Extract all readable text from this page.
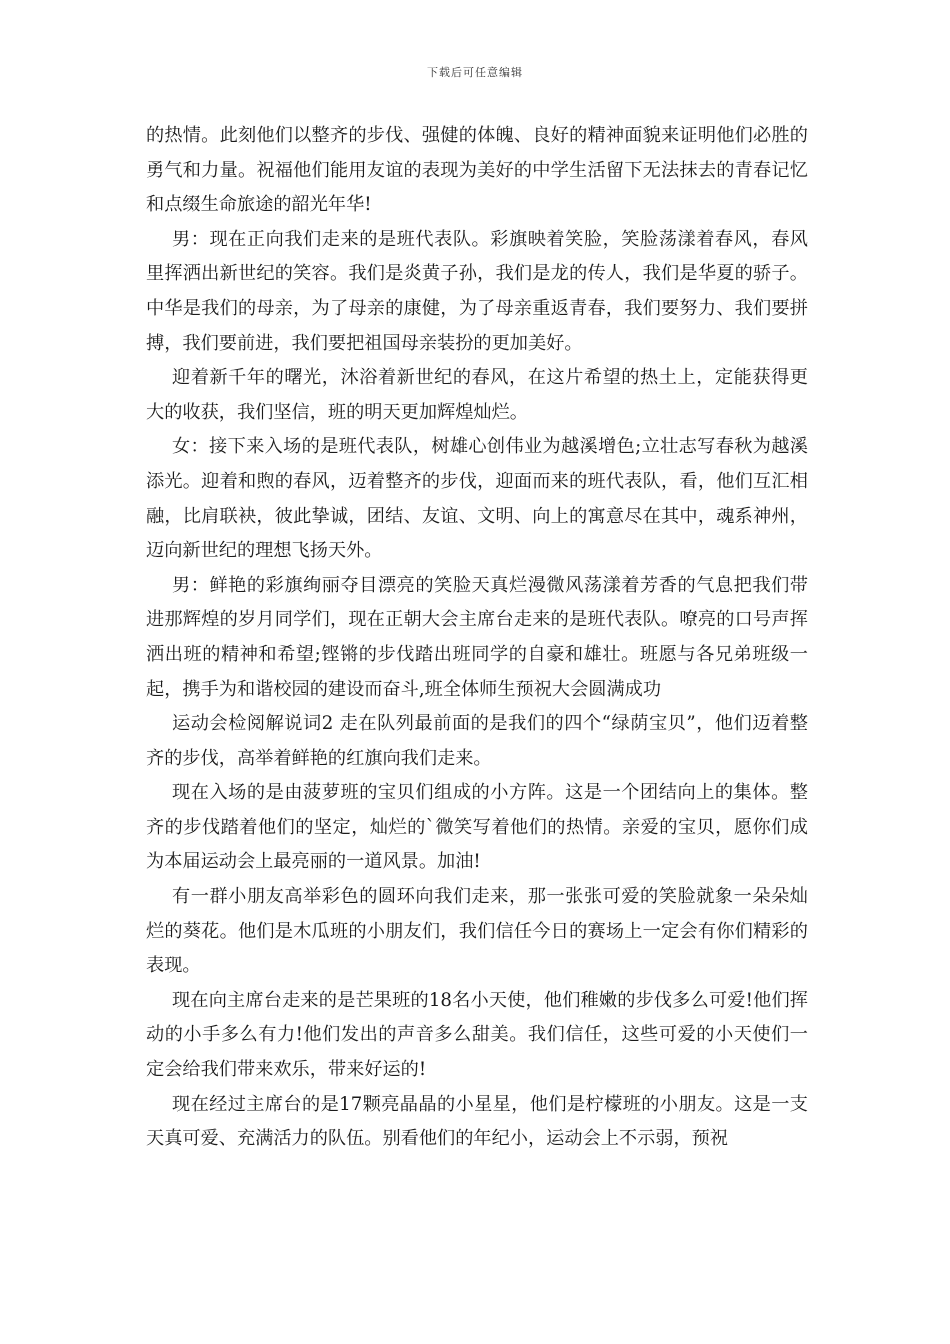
下载后可任意编辑

的热情。此刻他们以整齐的步伐、强健的体魄、良好的精神面貌来证明他们必胜的勇气和力量。祝福他们能用友谊的表现为美好的中学生活留下无法抹去的青春记忆和点缀生命旅途的韶光年华!

男：现在正向我们走来的是班代表队。彩旗映着笑脸，笑脸荡漾着春风，春风里挥洒出新世纪的笑容。我们是炎黄子孙，我们是龙的传人，我们是华夏的骄子。中华是我们的母亲，为了母亲的康健，为了母亲重返青春，我们要努力、我们要拼搏，我们要前进，我们要把祖国母亲装扮的更加美好。

迎着新千年的曙光，沐浴着新世纪的春风，在这片希望的热土上，定能获得更大的收获，我们坚信，班的明天更加辉煌灿烂。

女：接下来入场的是班代表队，树雄心创伟业为越溪增色;立壮志写春秋为越溪添光。迎着和煦的春风，迈着整齐的步伐，迎面而来的班代表队，看，他们互汇相融，比肩联袂，彼此挚诚，团结、友谊、文明、向上的寓意尽在其中，魂系神州，迈向新世纪的理想飞扬天外。

男：鲜艳的彩旗绚丽夺目漂亮的笑脸天真烂漫微风荡漾着芳香的气息把我们带进那辉煌的岁月同学们，现在正朝大会主席台走来的是班代表队。嘹亮的口号声挥洒出班的精神和希望;铿锵的步伐踏出班同学的自豪和雄壮。班愿与各兄弟班级一起，携手为和谐校园的建设而奋斗,班全体师生预祝大会圆满成功

运动会检阅解说词2 走在队列最前面的是我们的四个“绿荫宝贝”，他们迈着整齐的步伐，高举着鲜艳的红旗向我们走来。

现在入场的是由菠萝班的宝贝们组成的小方阵。这是一个团结向上的集体。整齐的步伐踏着他们的坚定，灿烂的`微笑写着他们的热情。亲爱的宝贝，愿你们成为本届运动会上最亮丽的一道风景。加油!

有一群小朋友高举彩色的圆环向我们走来，那一张张可爱的笑脸就象一朵朵灿烂的葵花。他们是木瓜班的小朋友们，我们信任今日的赛场上一定会有你们精彩的表现。

现在向主席台走来的是芒果班的18名小天使，他们稚嫩的步伐多么可爱!他们挥动的小手多么有力!他们发出的声音多么甜美。我们信任，这些可爱的小天使们一定会给我们带来欢乐，带来好运的!

现在经过主席台的是17颗亮晶晶的小星星，他们是柠檬班的小朋友。这是一支天真可爱、充满活力的队伍。别看他们的年纪小，运动会上不示弱，预祝
